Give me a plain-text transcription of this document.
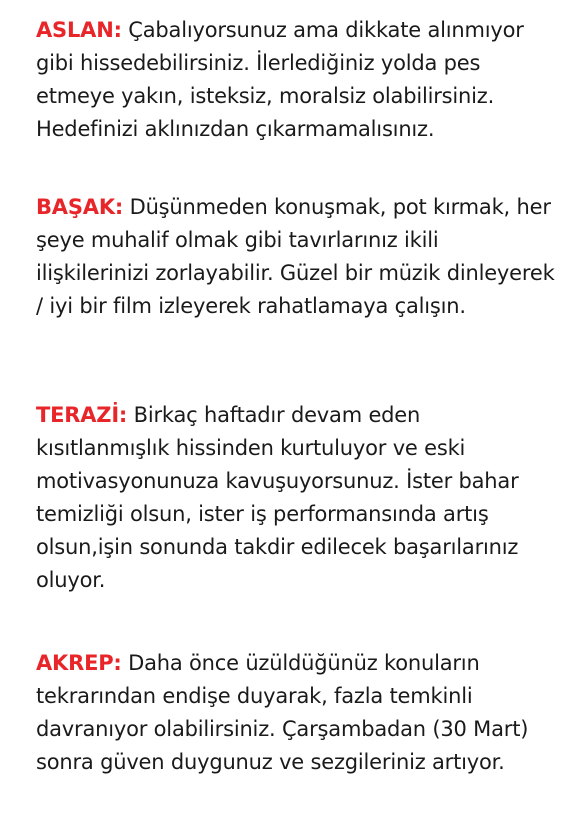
ASLAN: Çabalıyorsunuz ama dikkate alınmıyor gibi hissedebilirsiniz. İlerlediğiniz yolda pes etmeye yakın, isteksiz, moralsiz olabilirsiniz. Hedefinizi aklınızdan çıkarmamalısınız.
BAŞAK: Düşünmeden konuşmak, pot kırmak, her şeye muhalif olmak gibi tavırlarınız ikili ilişkilerinizi zorlayabilir. Güzel bir müzik dinleyerek / iyi bir film izleyerek rahatlamaya çalışın.
TERAZİ: Birkaç haftadır devam eden kısıtlanmışlık hissinden kurtuluyor ve eski motivasyonunuza kavuşuyorsunuz. İster bahar temizliği olsun, ister iş performansında artış olsun,işin sonunda takdir edilecek başarılarınız oluyor.
AKREP: Daha önce üzüldüğünüz konuların tekrarından endişe duyarak, fazla temkinli davranıyor olabilirsiniz. Çarşambadan (30 Mart) sonra güven duygunuz ve sezgileriniz artıyor.
